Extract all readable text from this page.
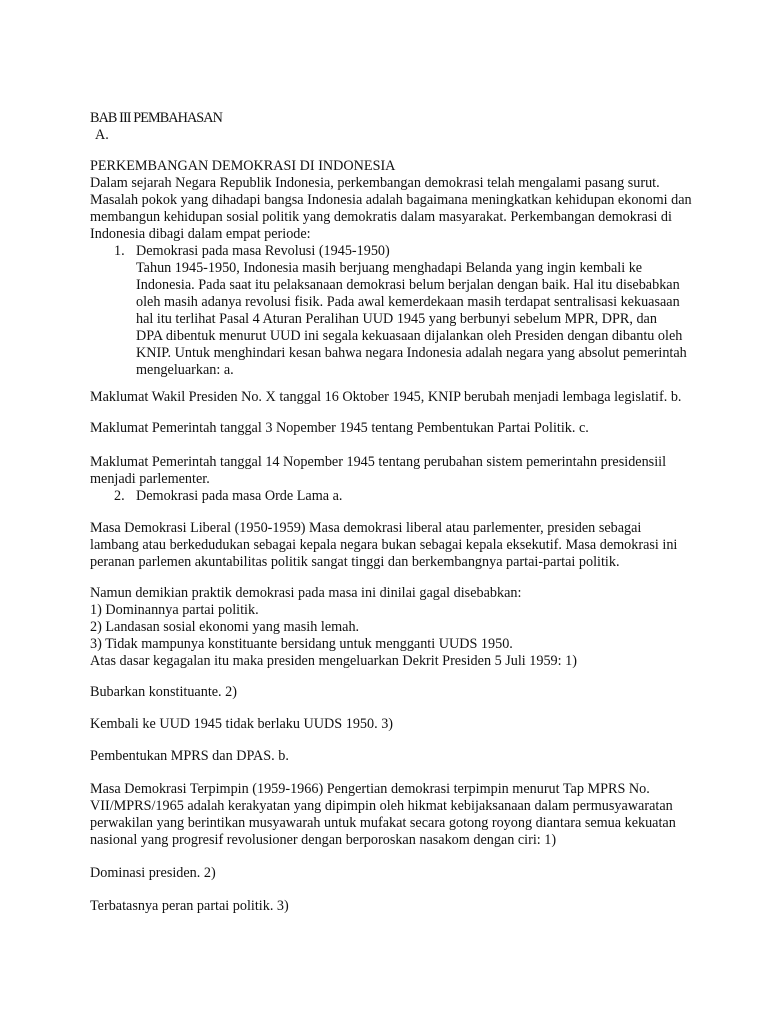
BAB III PEMBAHASAN
A.
PERKEMBANGAN DEMOKRASI DI INDONESIA
Dalam sejarah Negara Republik Indonesia, perkembangan demokrasi telah mengalami pasang surut.
Masalah pokok yang dihadapi bangsa Indonesia adalah bagaimana meningkatkan kehidupan ekonomi dan
membangun kehidupan sosial politik yang demokratis dalam masyarakat. Perkembangan demokrasi di
Indonesia dibagi dalam empat periode:
1. Demokrasi pada masa Revolusi (1945-1950)
Tahun 1945-1950, Indonesia masih berjuang menghadapi Belanda yang ingin kembali ke
Indonesia. Pada saat itu pelaksanaan demokrasi belum berjalan dengan baik. Hal itu disebabkan
oleh masih adanya revolusi fisik. Pada awal kemerdekaan masih terdapat sentralisasi kekuasaan
hal itu terlihat Pasal 4 Aturan Peralihan UUD 1945 yang berbunyi sebelum MPR, DPR, dan
DPA dibentuk menurut UUD ini segala kekuasaan dijalankan oleh Presiden dengan dibantu oleh
KNIP. Untuk menghindari kesan bahwa negara Indonesia adalah negara yang absolut pemerintah
mengeluarkan: a.
Maklumat Wakil Presiden No. X tanggal 16 Oktober 1945, KNIP berubah menjadi lembaga legislatif. b.
Maklumat Pemerintah tanggal 3 Nopember 1945 tentang Pembentukan Partai Politik. c.
Maklumat Pemerintah tanggal 14 Nopember 1945 tentang perubahan sistem pemerintahn presidensiil
menjadi parlementer.
2. Demokrasi pada masa Orde Lama a.
Masa Demokrasi Liberal (1950-1959) Masa demokrasi liberal atau parlementer, presiden sebagai
lambang atau berkedudukan sebagai kepala negara bukan sebagai kepala eksekutif. Masa demokrasi ini
peranan parlemen akuntabilitas politik sangat tinggi dan berkembangnya partai-partai politik.
Namun demikian praktik demokrasi pada masa ini dinilai gagal disebabkan:
1) Dominannya partai politik.
2) Landasan sosial ekonomi yang masih lemah.
3) Tidak mampunya konstituante bersidang untuk mengganti UUDS 1950.
Atas dasar kegagalan itu maka presiden mengeluarkan Dekrit Presiden 5 Juli 1959: 1)
Bubarkan konstituante. 2)
Kembali ke UUD 1945 tidak berlaku UUDS 1950. 3)
Pembentukan MPRS dan DPAS. b.
Masa Demokrasi Terpimpin (1959-1966) Pengertian demokrasi terpimpin menurut Tap MPRS No.
VII/MPRS/1965 adalah kerakyatan yang dipimpin oleh hikmat kebijaksanaan dalam permusyawaratan
perwakilan yang berintikan musyawarah untuk mufakat secara gotong royong diantara semua kekuatan
nasional yang progresif revolusioner dengan berporoskan nasakom dengan ciri: 1)
Dominasi presiden. 2)
Terbatasnya peran partai politik. 3)
